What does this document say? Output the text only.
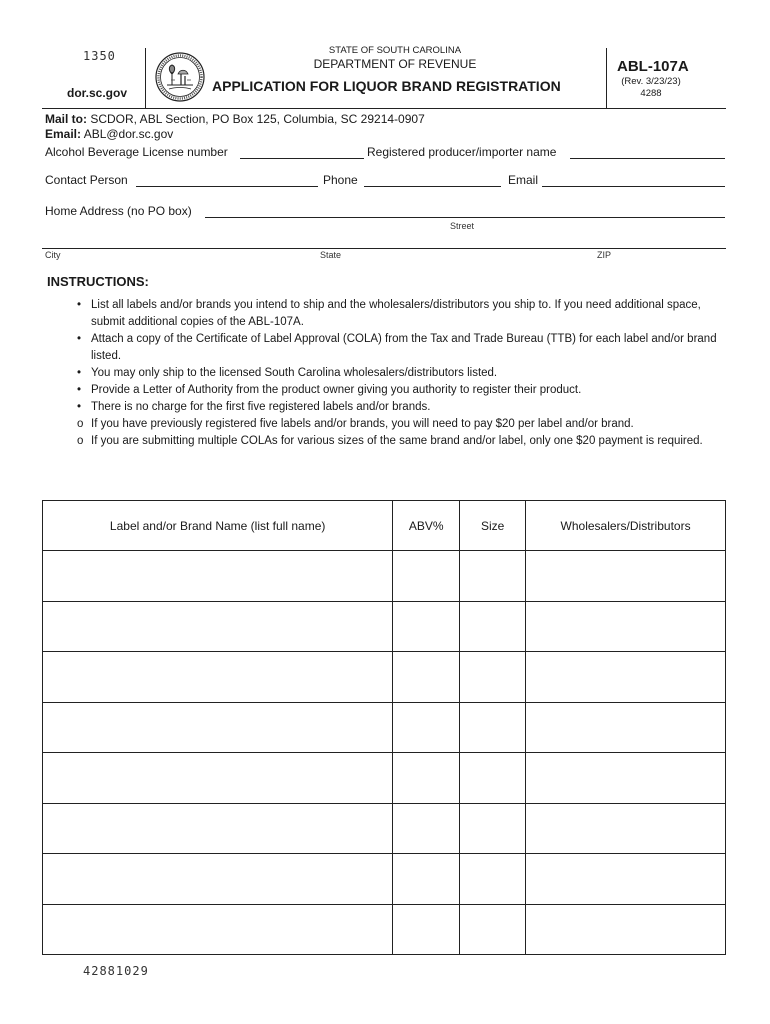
1350
dor.sc.gov
STATE OF SOUTH CAROLINA
DEPARTMENT OF REVENUE
APPLICATION FOR LIQUOR BRAND REGISTRATION
ABL-107A
(Rev. 3/23/23)
4288
Mail to: SCDOR, ABL Section, PO Box 125, Columbia, SC 29214-0907
Email: ABL@dor.sc.gov
Alcohol Beverage License number	Registered producer/importer name
Contact Person	Phone	Email
Home Address (no PO box)
Street
City	State	ZIP
INSTRUCTIONS:
• List all labels and/or brands you intend to ship and the wholesalers/distributors you ship to. If you need additional space, submit additional copies of the ABL-107A.
• Attach a copy of the Certificate of Label Approval (COLA) from the Tax and Trade Bureau (TTB) for each label and/or brand listed.
• You may only ship to the licensed South Carolina wholesalers/distributors listed.
• Provide a Letter of Authority from the product owner giving you authority to register their product.
• There is no charge for the first five registered labels and/or brands.
o If you have previously registered five labels and/or brands, you will need to pay $20 per label and/or brand.
o If you are submitting multiple COLAs for various sizes of the same brand and/or label, only one $20 payment is required.
Label and/or Brand Name (list full name)	ABV%	Size	Wholesalers/Distributors

42881029
